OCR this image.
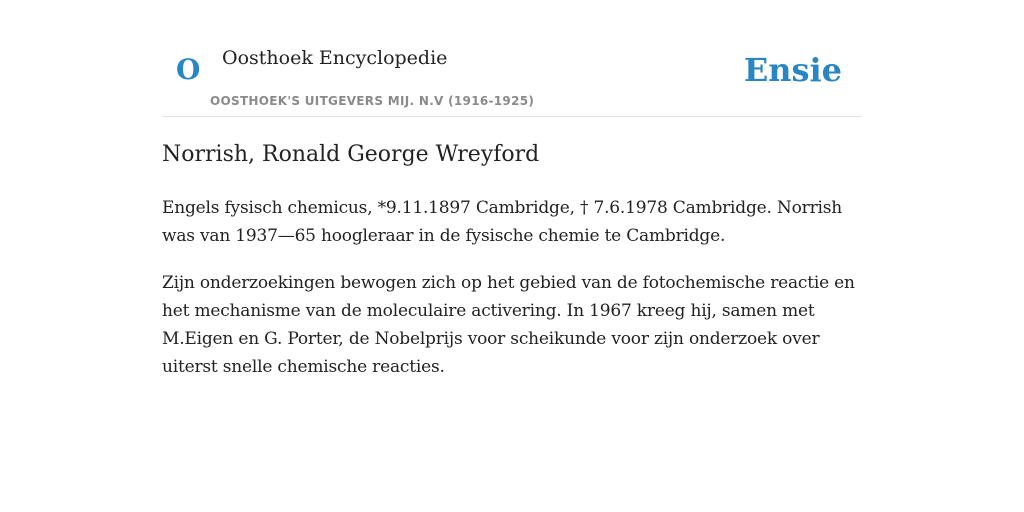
O Oosthoek Encyclopedie
OOSTHOEK'S UITGEVERS MIJ. N.V (1916-1925)
Ensie
Norrish, Ronald George Wreyford

Engels fysisch chemicus, *9.11.1897 Cambridge, † 7.6.1978 Cambridge. Norrish was van 1937—65 hoogleraar in de fysische chemie te Cambridge.

Zijn onderzoekingen bewogen zich op het gebied van de fotochemische reactie en het mechanisme van de moleculaire activering. In 1967 kreeg hij, samen met M.Eigen en G. Porter, de Nobelprijs voor scheikunde voor zijn onderzoek over uiterst snelle chemische reacties.
